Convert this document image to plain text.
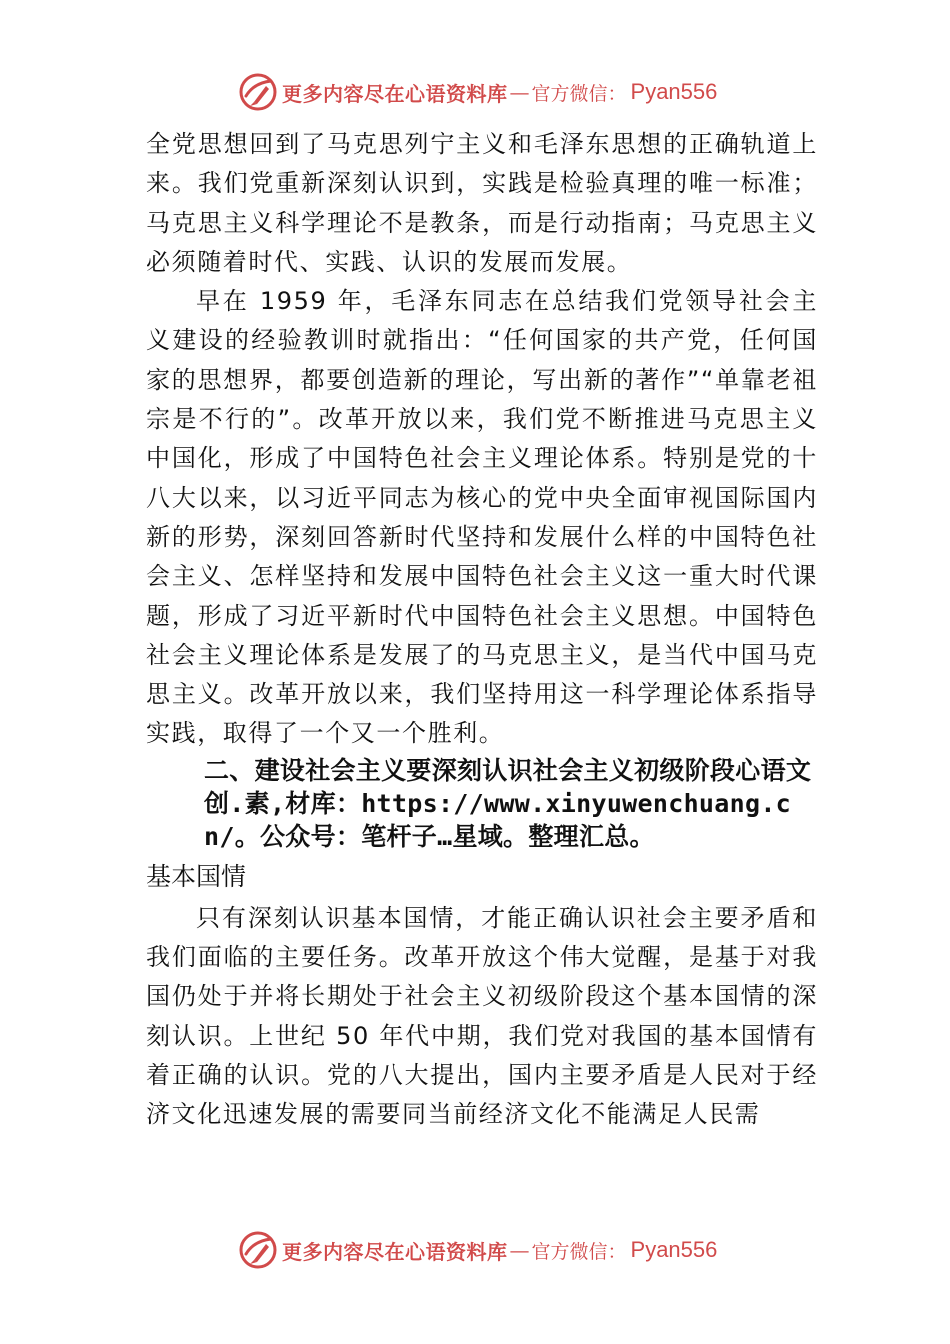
更多内容尽在心语资料库 — 官方微信： Pyan556

全党思想回到了马克思列宁主义和毛泽东思想的正确轨道上来。我们党重新深刻认识到，实践是检验真理的唯一标准；马克思主义科学理论不是教条，而是行动指南；马克思主义必须随着时代、实践、认识的发展而发展。

早在 1959 年，毛泽东同志在总结我们党领导社会主义建设的经验教训时就指出：“任何国家的共产党，任何国家的思想界，都要创造新的理论，写出新的著作”“单靠老祖宗是不行的”。改革开放以来，我们党不断推进马克思主义中国化，形成了中国特色社会主义理论体系。特别是党的十八大以来，以习近平同志为核心的党中央全面审视国际国内新的形势，深刻回答新时代坚持和发展什么样的中国特色社会主义、怎样坚持和发展中国特色社会主义这一重大时代课题，形成了习近平新时代中国特色社会主义思想。中国特色社会主义理论体系是发展了的马克思主义，是当代中国马克思主义。改革开放以来，我们坚持用这一科学理论体系指导实践，取得了一个又一个胜利。

二、建设社会主义要深刻认识社会主义初级阶段心语文创.素,材库：https://www.xinyuwenchuang.cn/。公众号：笔杆子…星域。整理汇总。

基本国情

只有深刻认识基本国情，才能正确认识社会主要矛盾和我们面临的主要任务。改革开放这个伟大觉醒，是基于对我国仍处于并将长期处于社会主义初级阶段这个基本国情的深刻认识。上世纪 50 年代中期，我们党对我国的基本国情有着正确的认识。党的八大提出，国内主要矛盾是人民对于经济文化迅速发展的需要同当前经济文化不能满足人民需

更多内容尽在心语资料库 — 官方微信： Pyan556
